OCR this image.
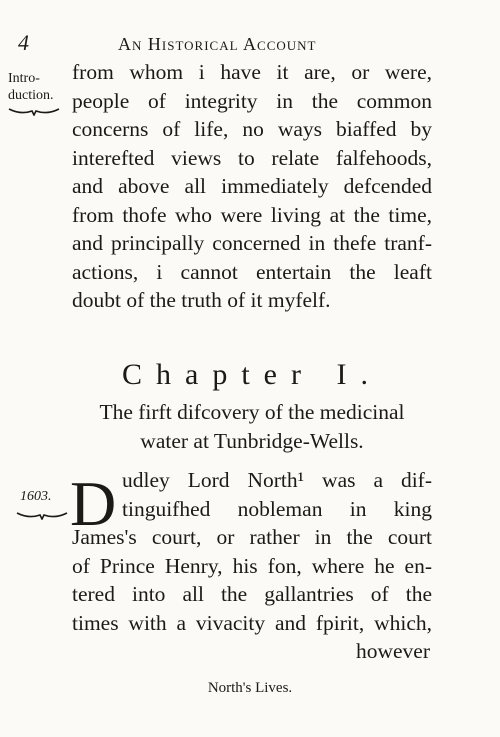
4	An Historical Account
Intro-
duction.
from whom i have it are, or were,
people of integrity in the common
concerns of life, no ways biaffed by
interefted views to relate falfehoods,
and above all immediately defcended
from thofe who were living at the time,
and principally concerned in thefe tranf-
actions, i cannot entertain the leaft
doubt of the truth of it myfelf.
Chapter I.
The firft difcovery of the medicinal
water at Tunbridge-Wells.
1603. D udley Lord North¹ was a dif-
tinguifhed nobleman in king
James's court, or rather in the court
of Prince Henry, his fon, where he en-
tered into all the gallantries of the
times with a vivacity and fpirit, which,
however
North's Lives.
